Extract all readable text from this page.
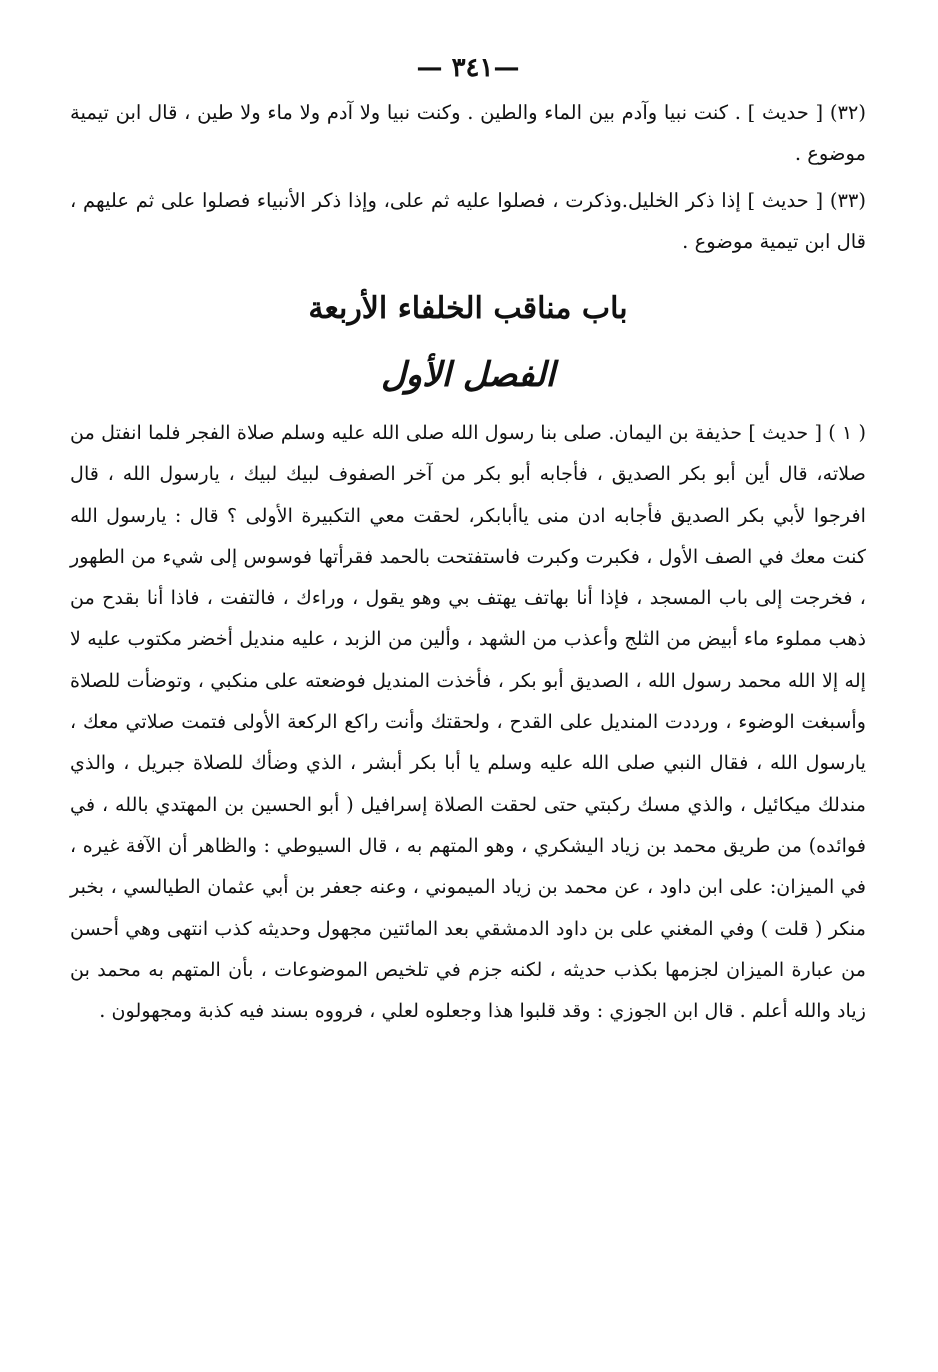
—٣٤١ —

(٣٢) [ حديث ] . كنت نبيا وآدم بين الماء والطين . وكنت نبيا ولا آدم ولا ماء ولا طين ، قال ابن تيمية موضوع .

(٣٣) [ حديث ] إذا ذكر الخليل.وذكرت ، فصلوا عليه ثم على، وإذا ذكر الأنبياء فصلوا على ثم عليهم ، قال ابن تيمية موضوع .

باب مناقب الخلفاء الأربعة
الفصل الأول

( ١ ) [ حديث ] حذيفة بن اليمان. صلى بنا رسول الله صلى الله عليه وسلم صلاة الفجر فلما انفتل من صلاته، قال أين أبو بكر الصديق ، فأجابه أبو بكر من آخر الصفوف لبيك لبيك ، يارسول الله ، قال افرجوا لأبي بكر الصديق فأجابه ادن منى ياأبابكر، لحقت معي التكبيرة الأولى ؟ قال : يارسول الله كنت معك في الصف الأول ، فكبرت وكبرت فاستفتحت بالحمد فقرأتها فوسوس إلى شيء من الطهور ، فخرجت إلى باب المسجد ، فإذا أنا بهاتف يهتف بي وهو يقول ، وراءك ، فالتفت ، فاذا أنا بقدح من ذهب مملوء ماء أبيض من الثلج وأعذب من الشهد ، وألين من الزبد ، عليه منديل أخضر مكتوب عليه لا إله إلا الله محمد رسول الله ، الصديق أبو بكر ، فأخذت المنديل فوضعته على منكبي ، وتوضأت للصلاة وأسبغت الوضوء ، ورددت المنديل على القدح ، ولحقتك وأنت راكع الركعة الأولى فتمت صلاتي معك ، يارسول الله ، فقال النبي صلى الله عليه وسلم يا أبا بكر أبشر ، الذي وضأك للصلاة جبريل ، والذي مندلك ميكائيل ، والذي مسك ركبتي حتى لحقت الصلاة إسرافيل ( أبو الحسين بن المهتدي بالله ، في فوائده) من طريق محمد بن زياد اليشكري ، وهو المتهم به ، قال السيوطي : والظاهر أن الآفة غيره ، في الميزان: على ابن داود ، عن محمد بن زياد الميموني ، وعنه جعفر بن أبي عثمان الطيالسي ، بخبر منكر ( قلت ) وفي المغني على بن داود الدمشقي بعد المائتين مجهول وحديثه كذب انتهى وهي أحسن من عبارة الميزان لجزمها بكذب حديثه ، لكنه جزم في تلخيص الموضوعات ، بأن المتهم به محمد بن زياد والله أعلم . قال ابن الجوزي : وقد قلبوا هذا وجعلوه لعلي ، فرووه بسند فيه كذبة ومجهولون .
